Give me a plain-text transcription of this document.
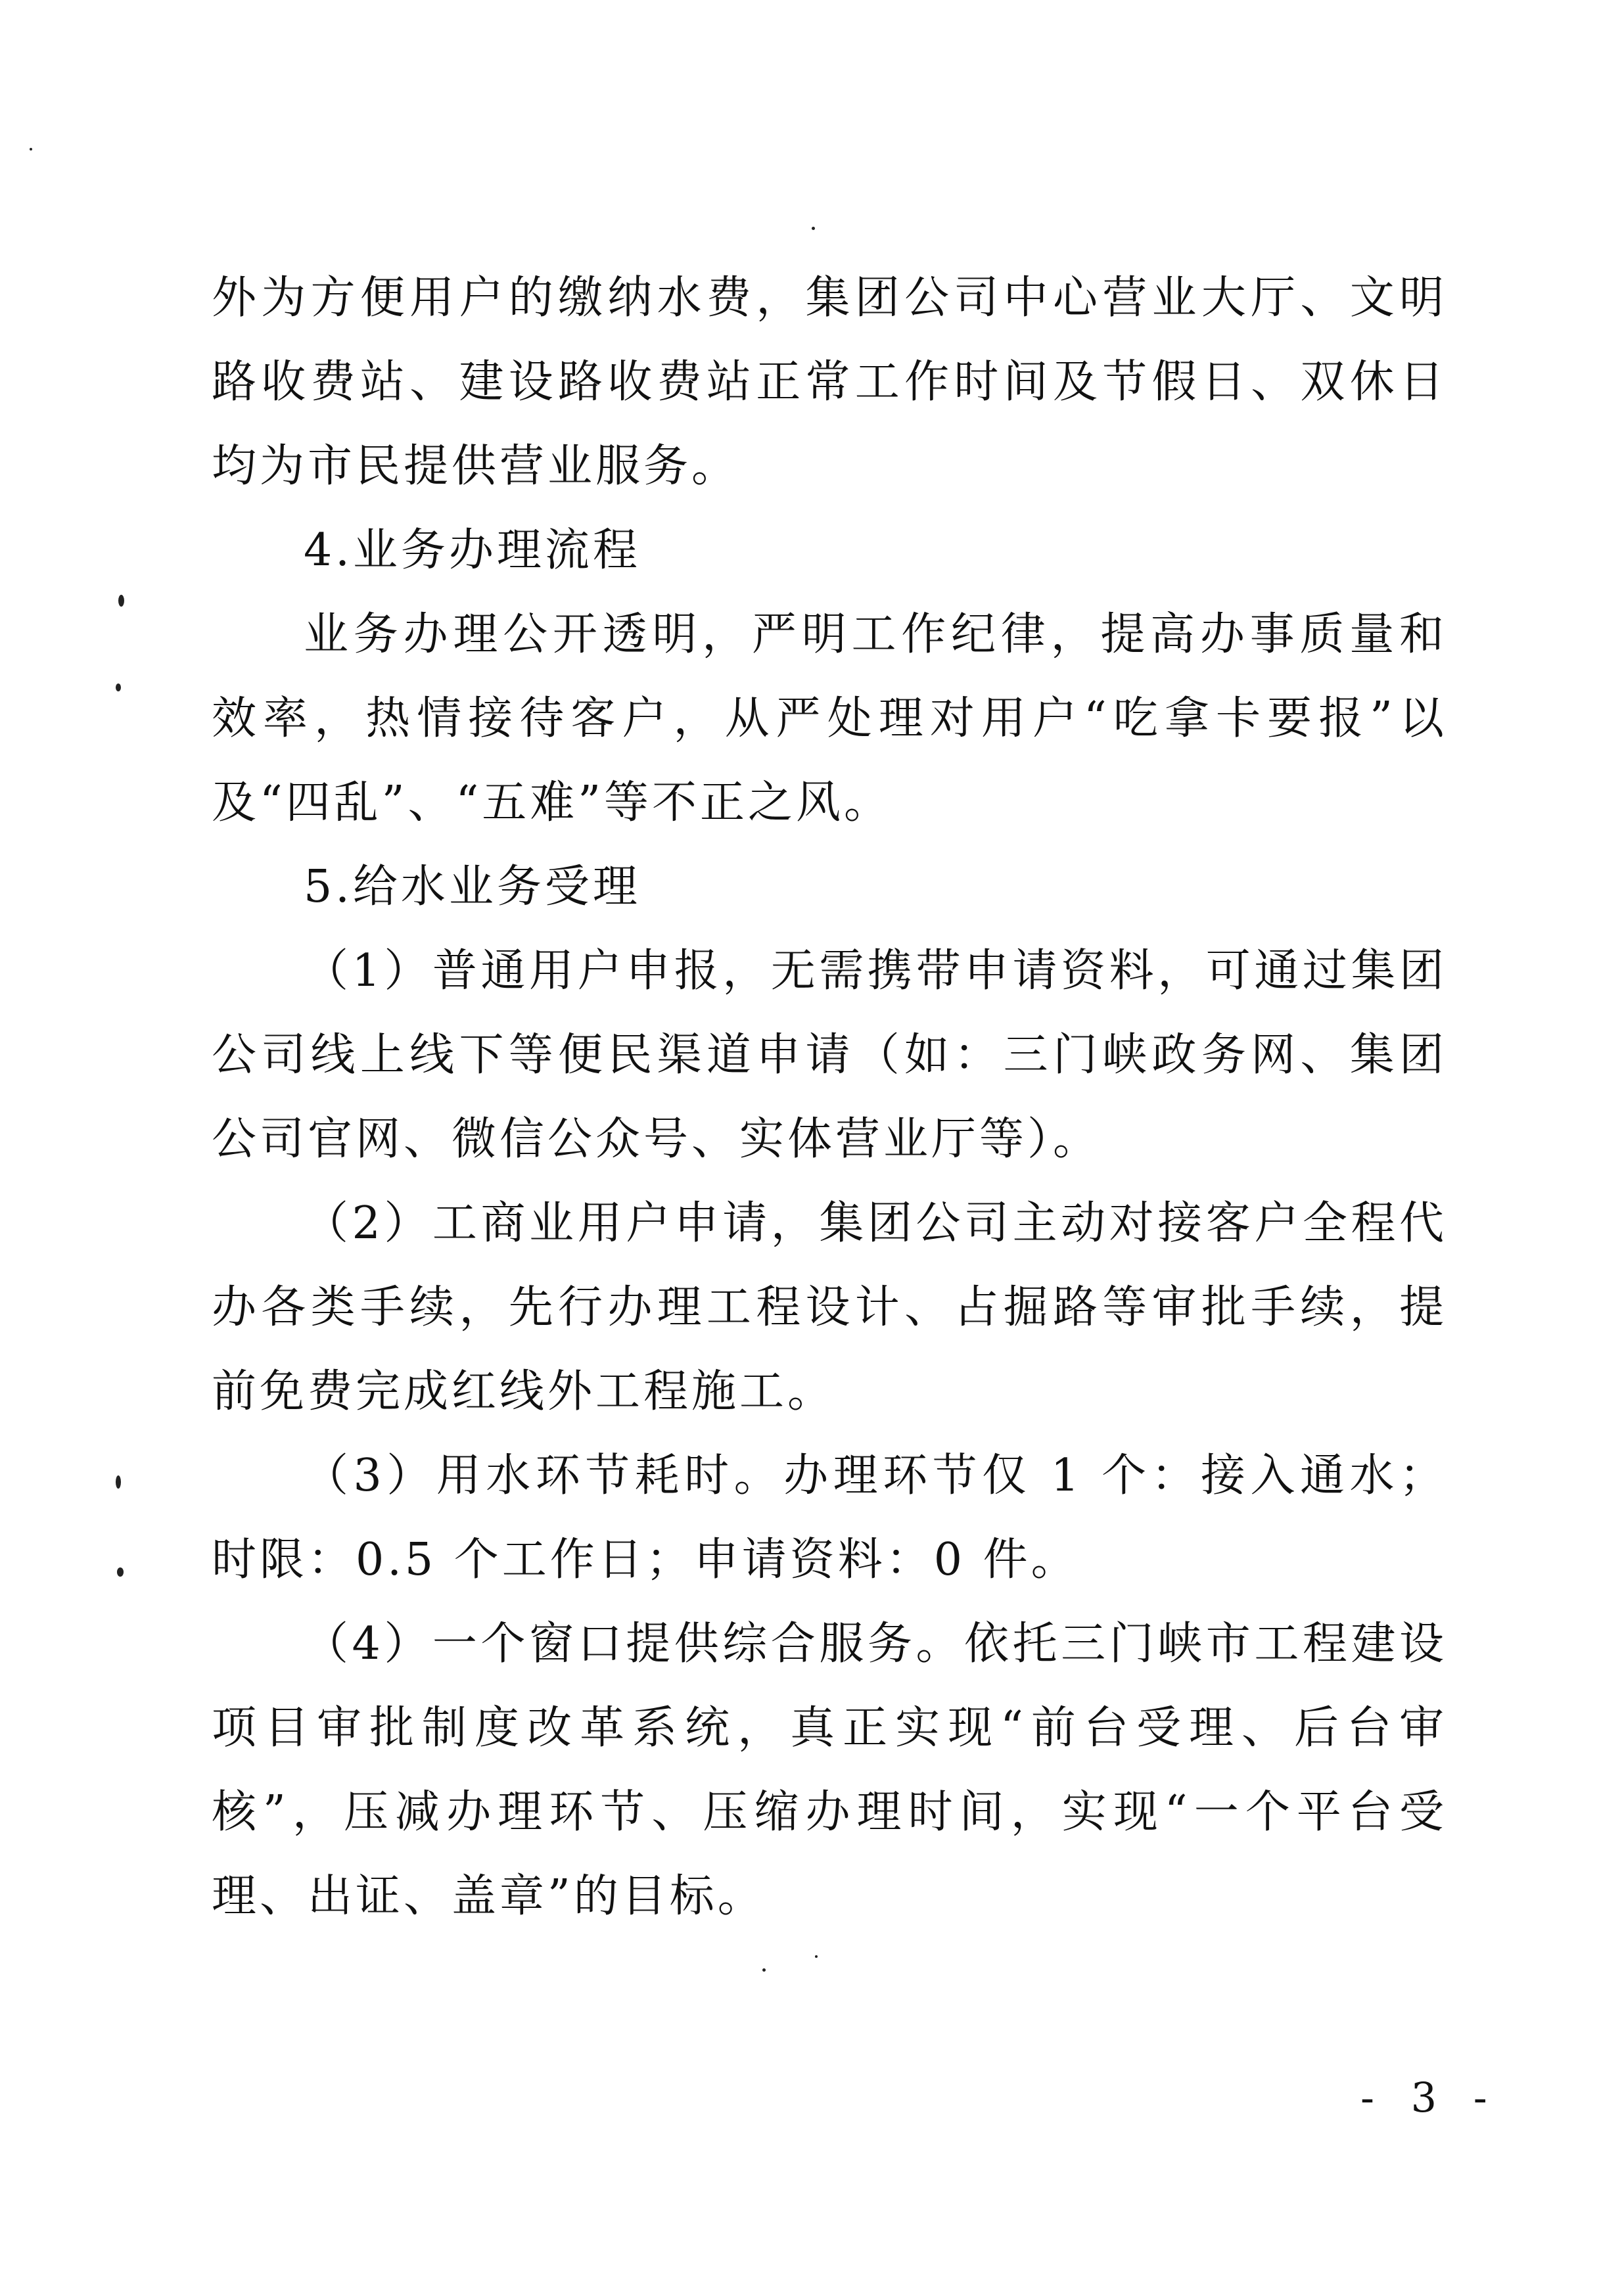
外为方便用户的缴纳水费，集团公司中心营业大厅、文明路收费站、建设路收费站正常工作时间及节假日、双休日均为市民提供营业服务。

4.业务办理流程

业务办理公开透明，严明工作纪律，提高办事质量和效率，热情接待客户，从严处理对用户“吃拿卡要报”以及“四乱”、“五难”等不正之风。

5.给水业务受理

（1）普通用户申报，无需携带申请资料，可通过集团公司线上线下等便民渠道申请（如：三门峡政务网、集团公司官网、微信公众号、实体营业厅等）。

（2）工商业用户申请，集团公司主动对接客户全程代办各类手续，先行办理工程设计、占掘路等审批手续，提前免费完成红线外工程施工。

（3）用水环节耗时。办理环节仅 1 个：接入通水；时限：0.5 个工作日；申请资料：0 件。

（4）一个窗口提供综合服务。依托三门峡市工程建设项目审批制度改革系统，真正实现“前台受理、后台审核”，压减办理环节、压缩办理时间，实现“一个平台受理、出证、盖章”的目标。

- 3 -
